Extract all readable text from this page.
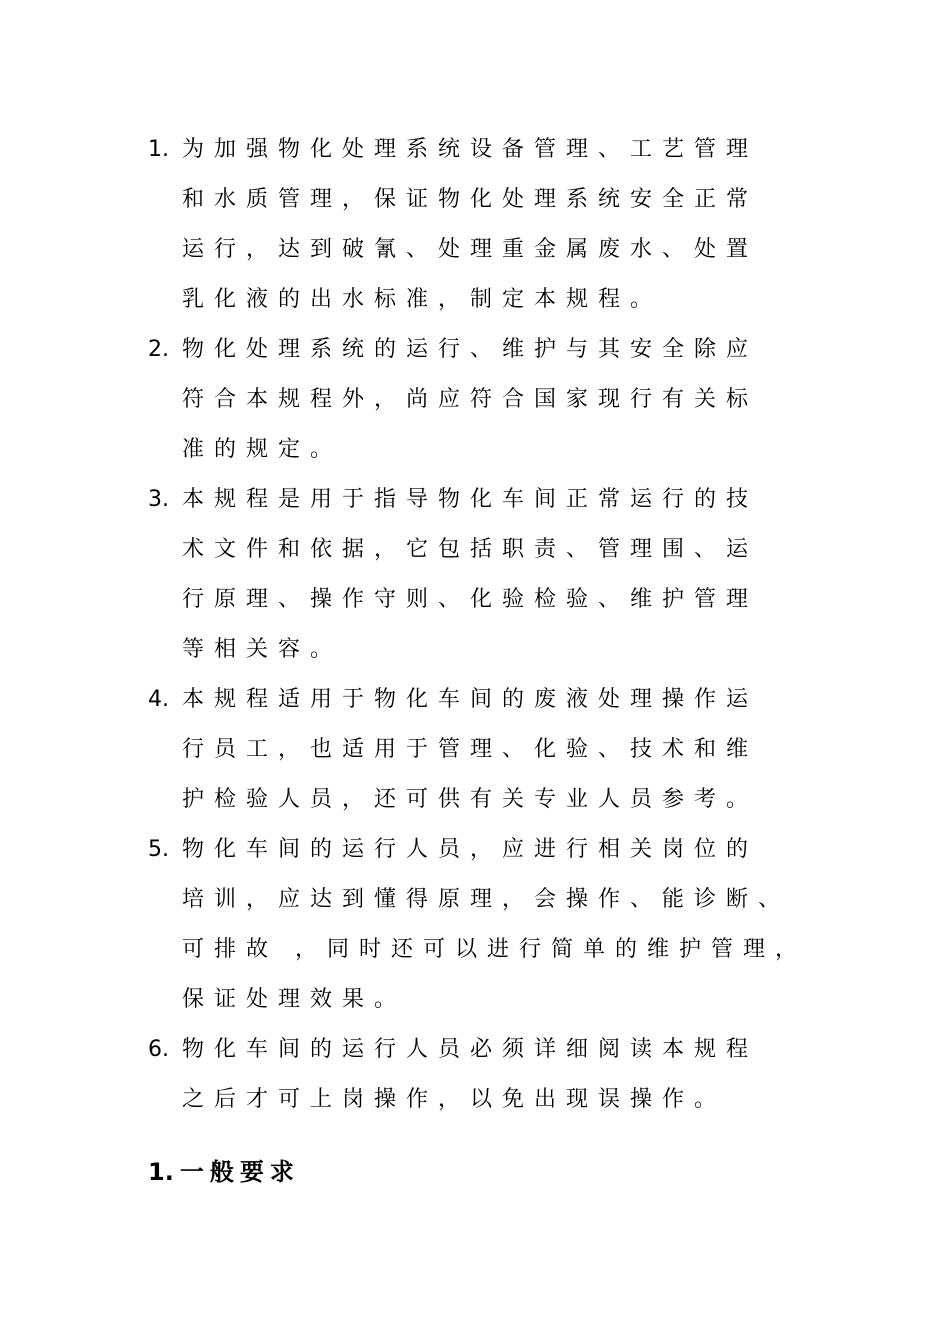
1. 为加强物化处理系统设备管理、工艺管理
和水质管理，保证物化处理系统安全正常
运行，达到破氰、处理重金属废水、处置
乳化液的出水标准，制定本规程。
2. 物化处理系统的运行、维护与其安全除应
符合本规程外，尚应符合国家现行有关标
准的规定。
3. 本规程是用于指导物化车间正常运行的技
术文件和依据，它包括职责、管理围、运
行原理、操作守则、化验检验、维护管理
等相关容。
4. 本规程适用于物化车间的废液处理操作运
行员工，也适用于管理、化验、技术和维
护检验人员，还可供有关专业人员参考。
5. 物化车间的运行人员，应进行相关岗位的
培训，应达到懂得原理，会操作、能诊断、
可排故 ，同时还可以进行简单的维护管理，
保证处理效果。
6. 物化车间的运行人员必须详细阅读本规程
之后才可上岗操作，以免出现误操作。
1. 一般要求
